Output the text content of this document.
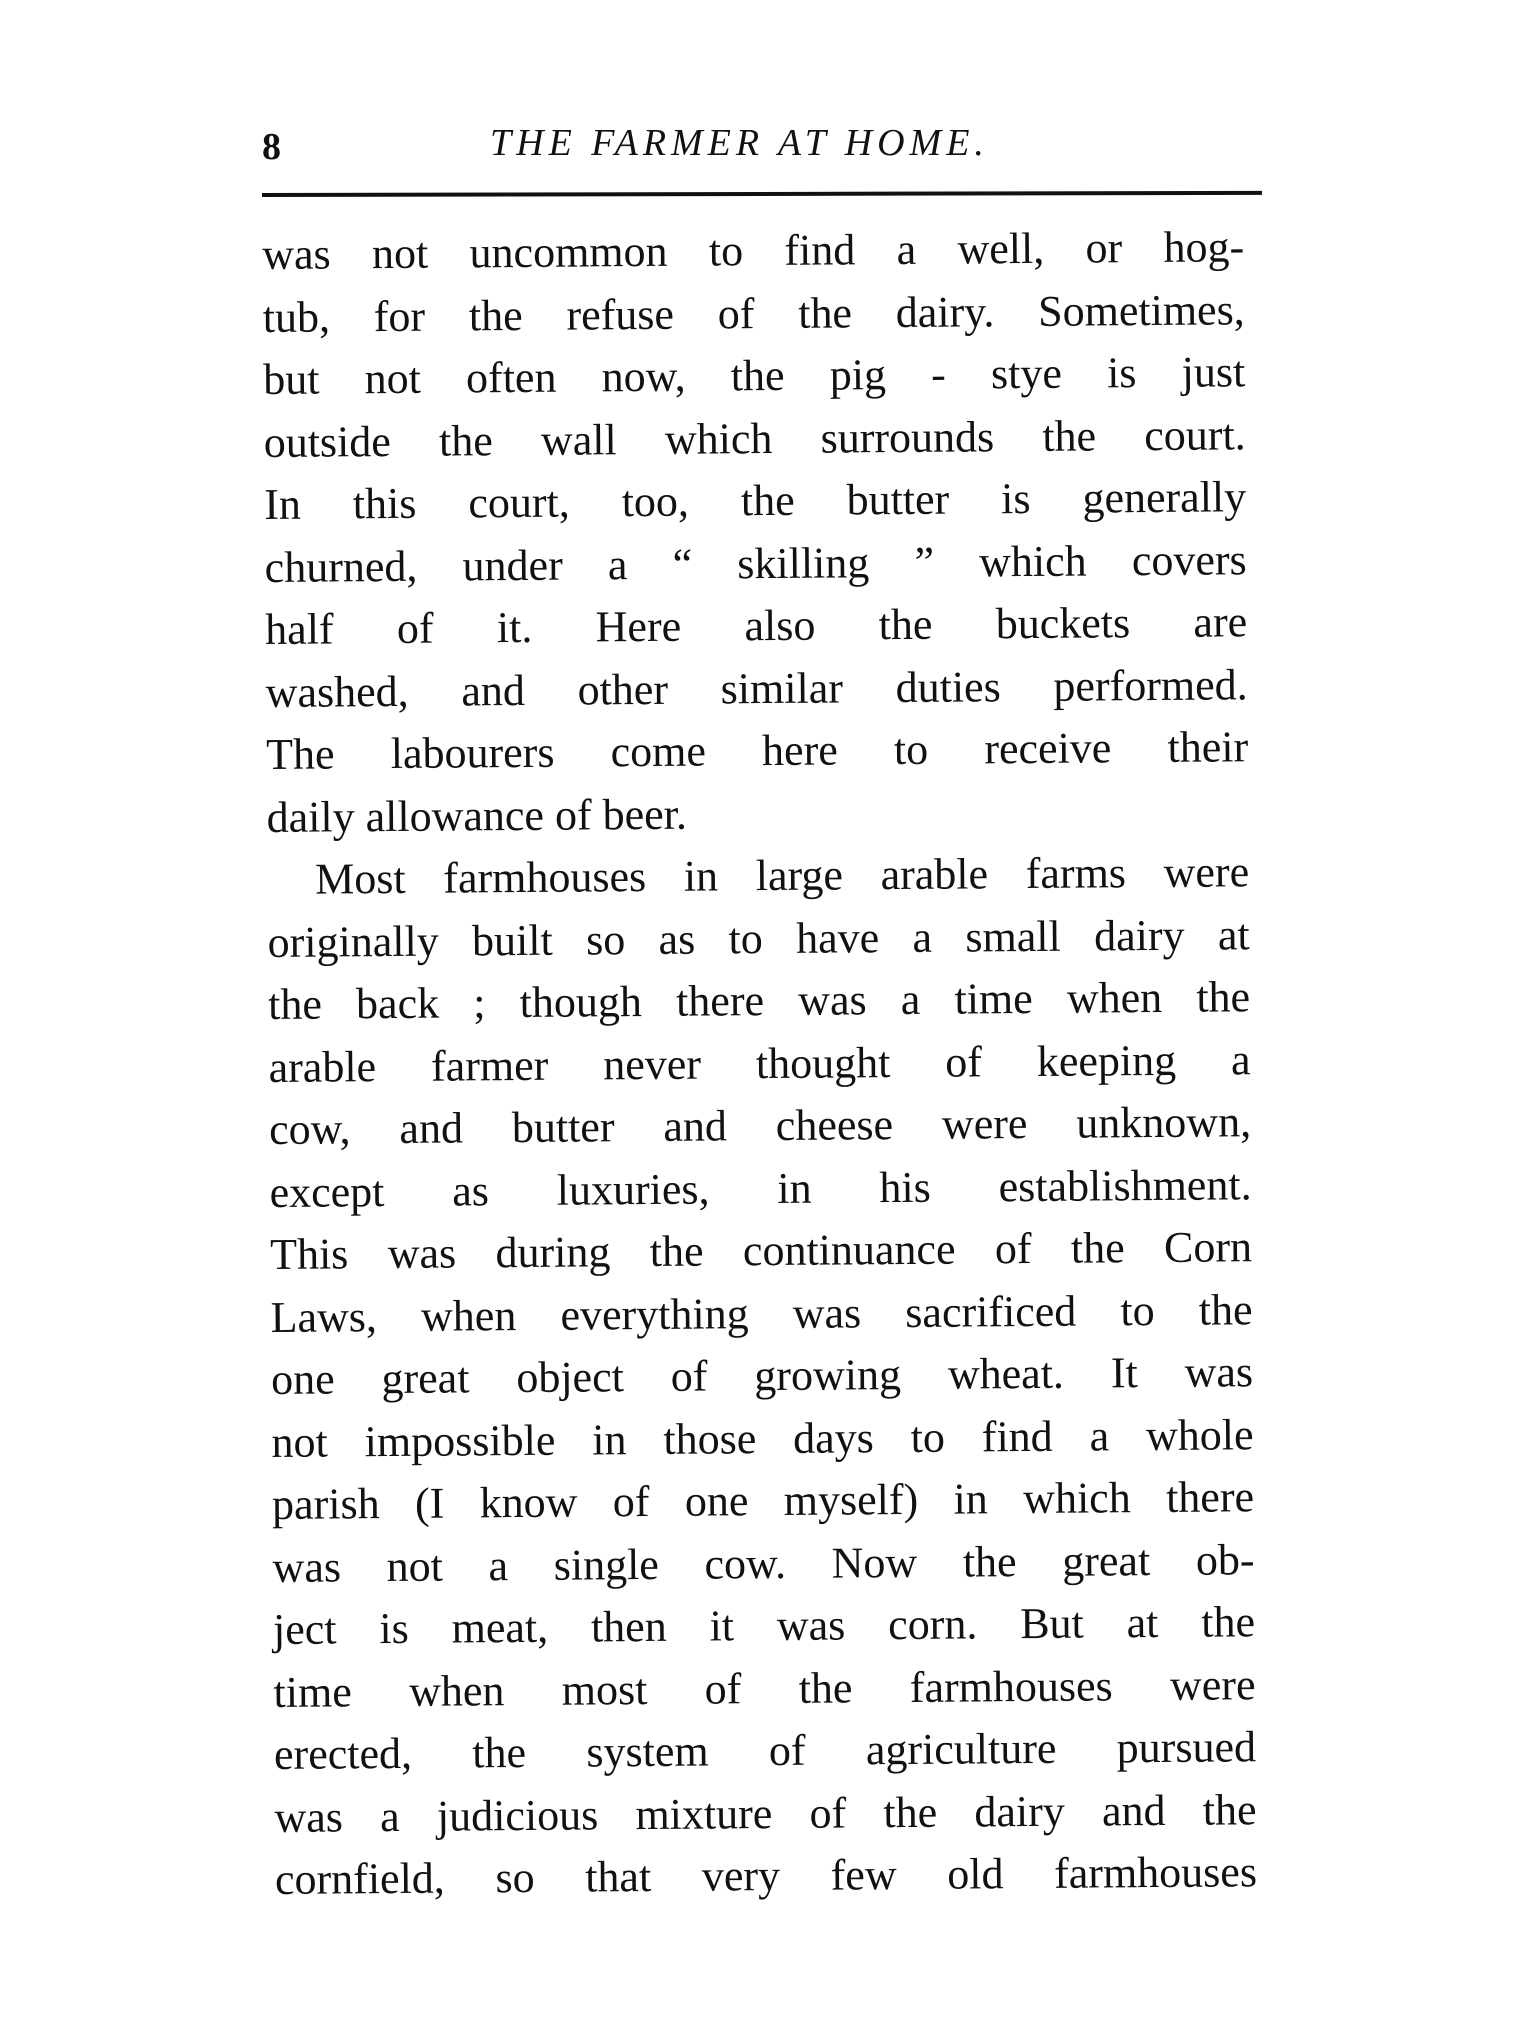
8	THE FARMER AT HOME.
was not uncommon to find a well, or hog-
tub, for the refuse of the dairy. Sometimes,
but not often now, the pig - stye is just
outside the wall which surrounds the court.
In this court, too, the butter is generally
churned, under a “ skilling ” which covers
half of it. Here also the buckets are
washed, and other similar duties performed.
The labourers come here to receive their
daily allowance of beer.
Most farmhouses in large arable farms were
originally built so as to have a small dairy at
the back ; though there was a time when the
arable farmer never thought of keeping a
cow, and butter and cheese were unknown,
except as luxuries, in his establishment.
This was during the continuance of the Corn
Laws, when everything was sacrificed to the
one great object of growing wheat. It was
not impossible in those days to find a whole
parish (I know of one myself) in which there
was not a single cow. Now the great ob-
ject is meat, then it was corn. But at the
time when most of the farmhouses were
erected, the system of agriculture pursued
was a judicious mixture of the dairy and the
cornfield, so that very few old farmhouses
